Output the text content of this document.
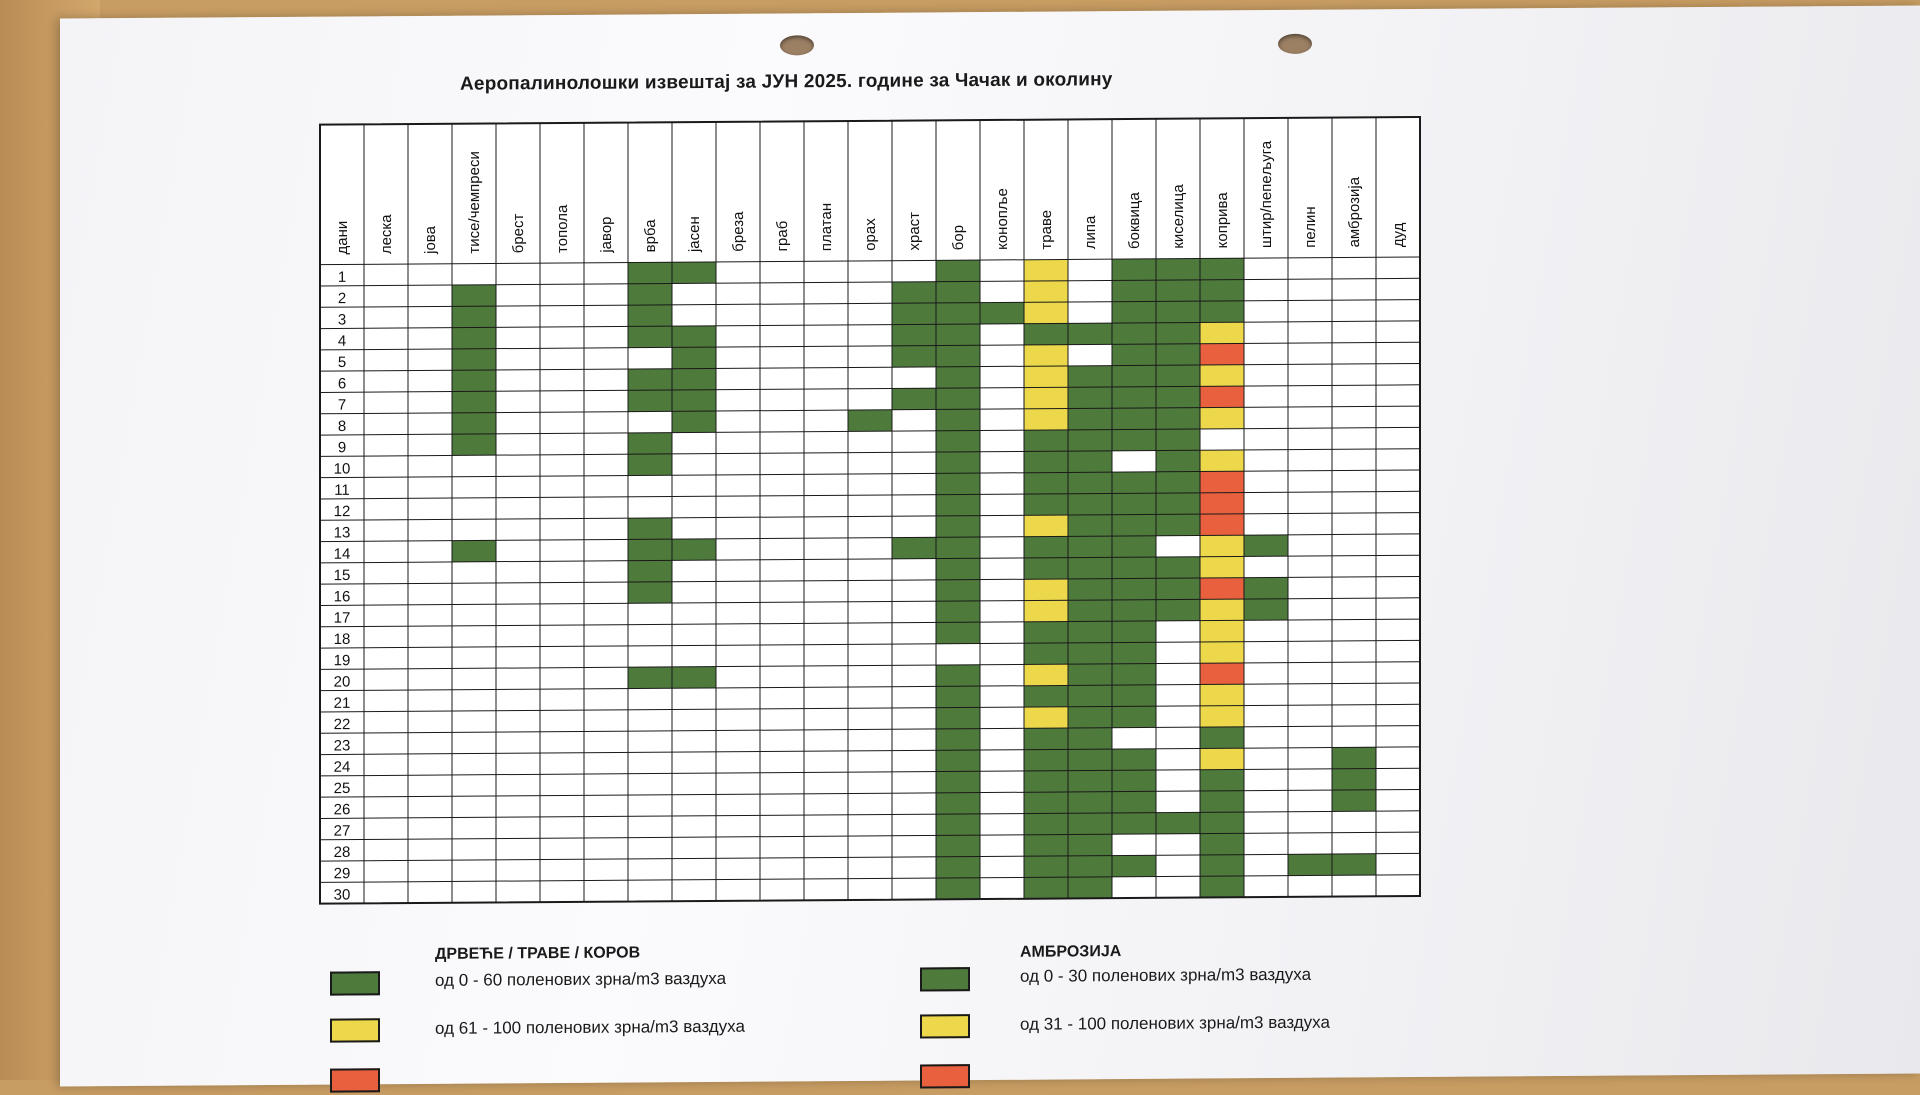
Аеропалинолошки извештај за ЈУН 2025. године за Чачак и околину
дани леска јова тисе/чемпреси брест топола јавор врба јасен бреза граб платан орах храст бор конопље траве липа боквица киселица коприва штир/пепељуга пелин амброзија дуд
1
2
3
4
5
6
7
8
9
10
11
12
13
14
15
16
17
18
19
20
21
22
23
24
25
26
27
28
29
30
ДРВЕЋЕ / ТРАВЕ / КОРОВ
од 0 - 60 поленових зрна/m3 ваздуха
од 61 - 100 поленових зрна/m3 ваздуха
АМБРОЗИЈА
од 0 - 30 поленових зрна/m3 ваздуха
од 31 - 100 поленових зрна/m3 ваздуха
